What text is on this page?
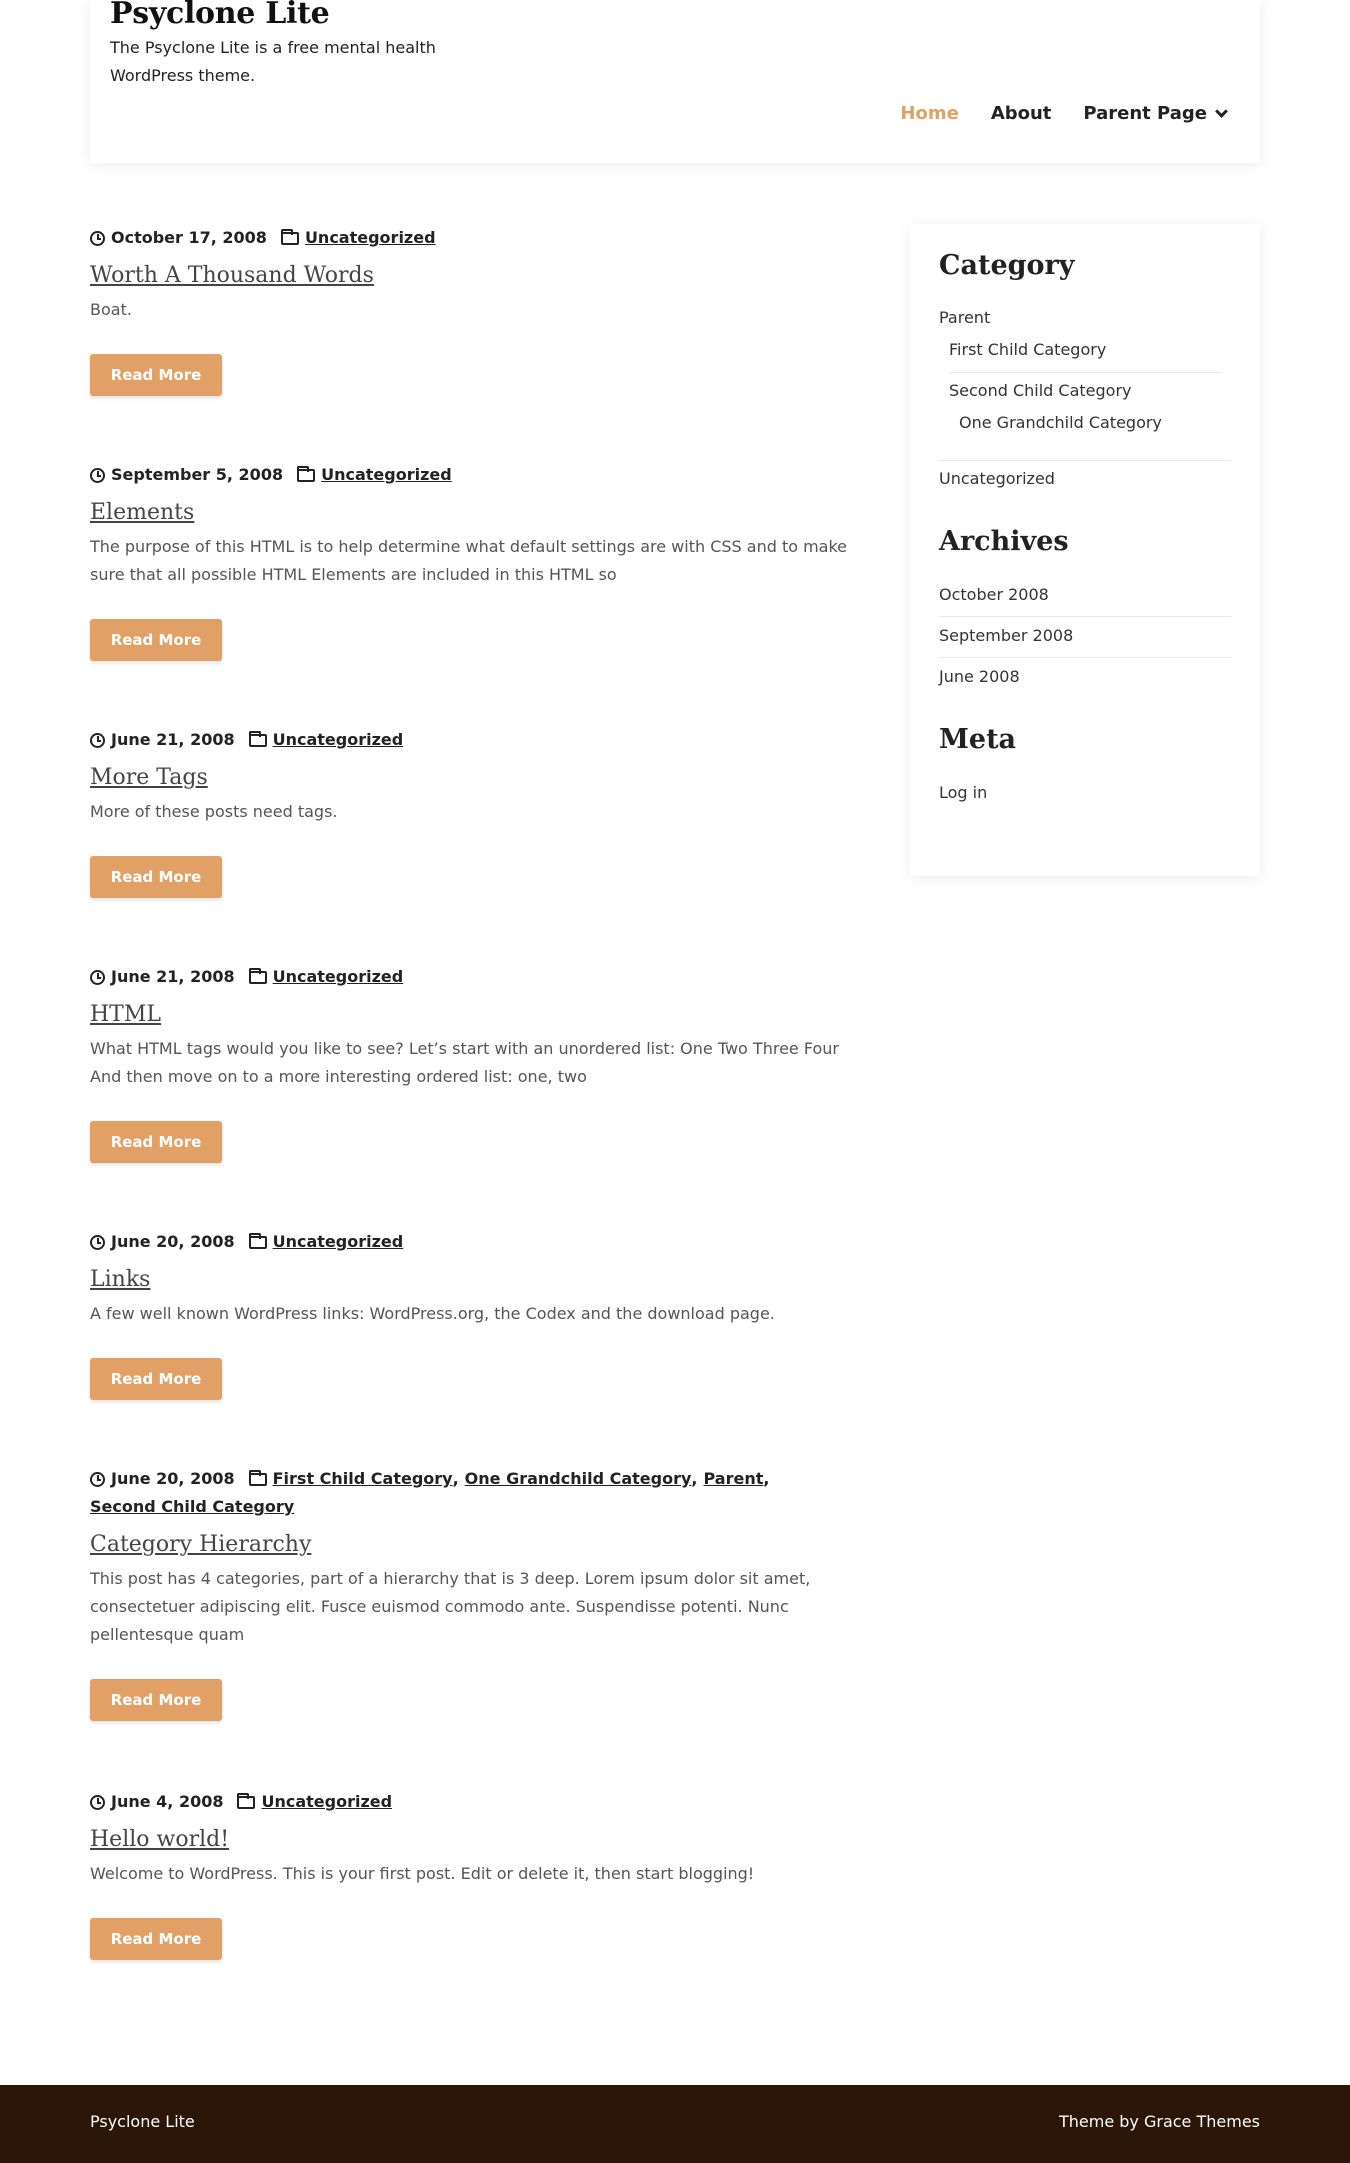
Psyclone Lite
The Psyclone Lite is a free mental health WordPress theme.
Home About Parent Page
October 17, 2008 Uncategorized
Worth A Thousand Words

Boat.

Read More
September 5, 2008 Uncategorized
Elements

The purpose of this HTML is to help determine what default settings are with CSS and to make sure that all possible HTML Elements are included in this HTML so

Read More
June 21, 2008 Uncategorized
More Tags

More of these posts need tags.

Read More
June 21, 2008 Uncategorized
HTML

What HTML tags would you like to see? Let’s start with an unordered list: One Two Three Four And then move on to a more interesting ordered list: one, two

Read More
June 20, 2008 Uncategorized
Links

A few well known WordPress links: WordPress.org, the Codex and the download page.

Read More
June 20, 2008 First Child Category , One Grandchild Category , Parent ,
Second Child Category
Category Hierarchy

This post has 4 categories, part of a hierarchy that is 3 deep. Lorem ipsum dolor sit amet, consectetuer adipiscing elit. Fusce euismod commodo ante. Suspendisse potenti. Nunc pellentesque quam

Read More
June 4, 2008 Uncategorized
Hello world!

Welcome to WordPress. This is your first post. Edit or delete it, then start blogging!

Read More
Category
Parent
First Child Category
Second Child Category
One Grandchild Category
Uncategorized
Archives
October 2008
September 2008
June 2008
Meta
Log in
Psyclone Lite	Theme by Grace Themes
